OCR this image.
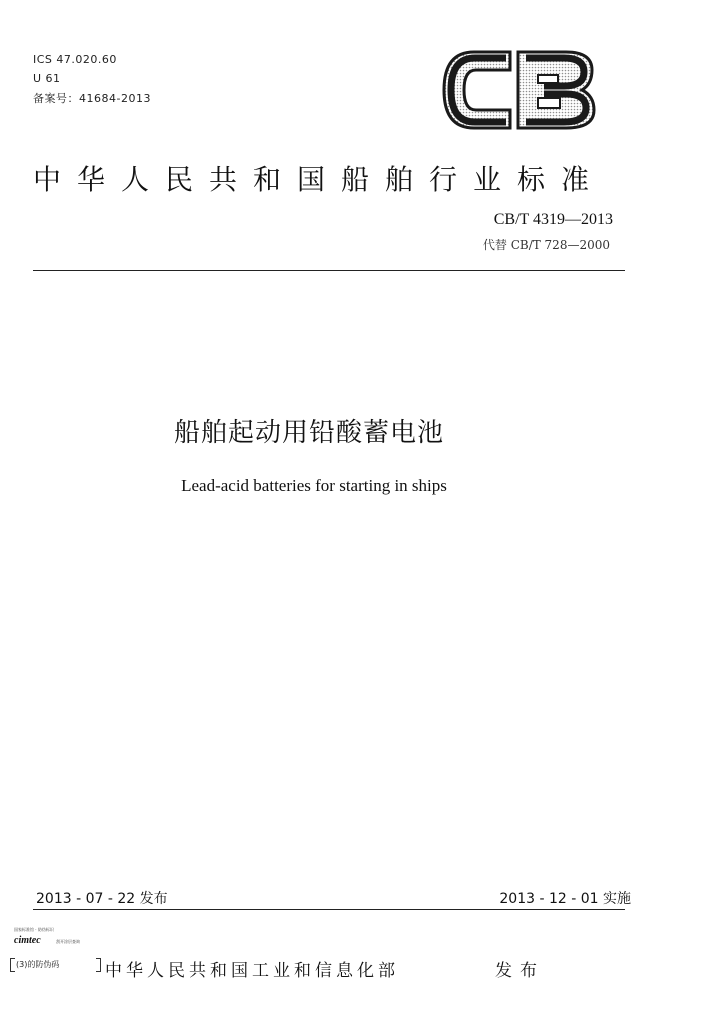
ICS 47.020.60
U 61
备案号：41684-2013
中华人民共和国船舶行业标准
CB/T 4319—2013
代替 CB/T 728—2000
船舶起动用铅酸蓄电池
Lead-acid batteries for starting in ships
2013 - 07 - 22 发布	2013 - 12 - 01 实施
国家标准馆 · 防伪标识
cimtec	刮开涂层查询
(3)的防伪码	中华人民共和国工业和信息化部	发布
